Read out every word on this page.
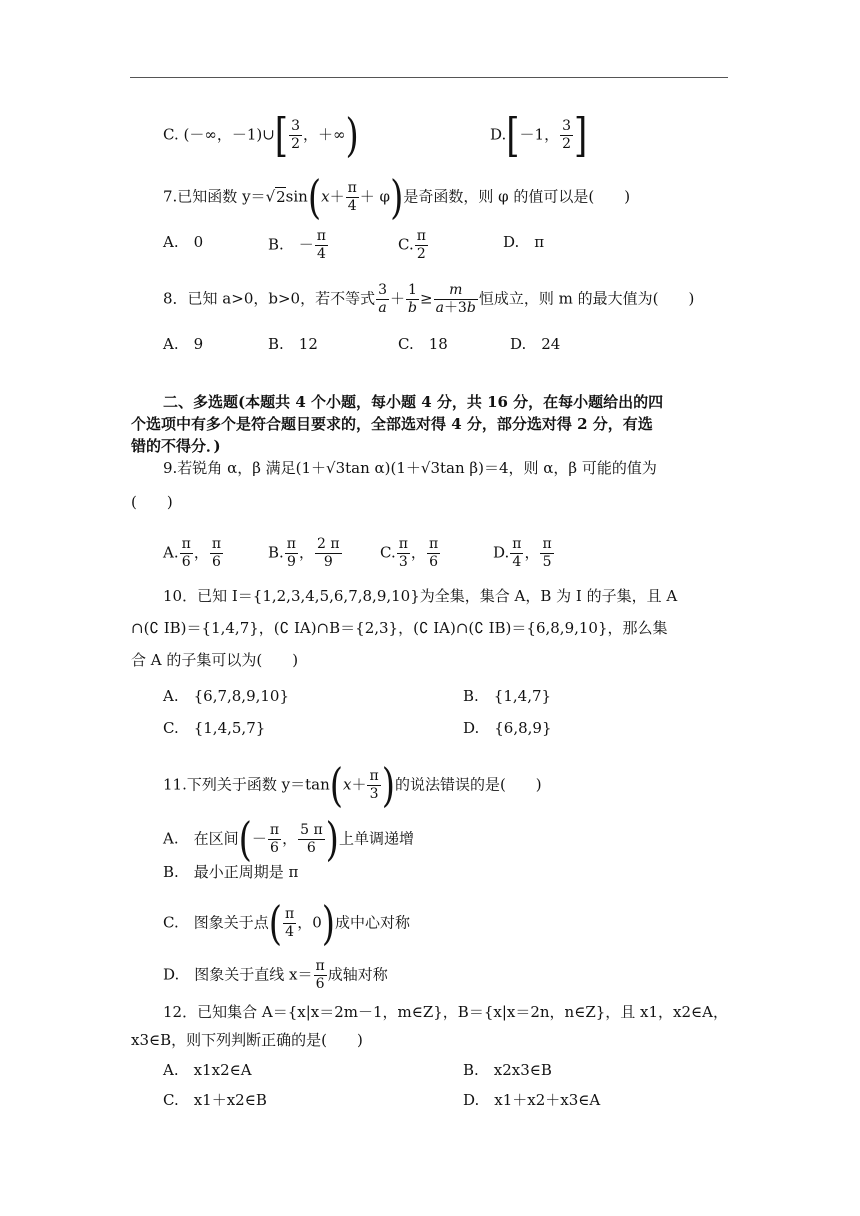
C. (－∞，－1)∪[ $\frac{3}{2}$ ，＋∞)	D.[－1， $\frac{3}{2}$ ]
7.已知函数 $y=√2\sin(x+ \frac{\pi}{4} + \varphi)$是奇函数，则 φ 的值可以是(　　)
A.　0	B.　－ $\frac{\pi}{4}$	C. $\frac{\pi}{2}$	D.　π
8．已知 a>0，b>0，若不等式 $\frac{3}{a} + \frac{1}{b} \ge \frac{m}{a+3b}$ 恒成立，则 m 的最大值为(　　)
A.　9	B.　12	C.　18	D.　24
二、多选题(本题共 4 个小题，每小题 4 分，共 16 分，在每小题给出的四
个选项中有多个是符合题目要求的，全部选对得 4 分，部分选对得 2 分，有选
错的不得分．)
9.若锐角 α，β 满足(1＋√3tan α)(1＋√3tan β)＝4，则 α，β 可能的值为
(　　)
A. $\frac{\pi}{6}$ ， $\frac{\pi}{6}$	B. $\frac{\pi}{9}$ ， $\frac{2 \pi}{9}$	C. $\frac{\pi}{3}$ ， $\frac{\pi}{6}$	D. $\frac{\pi}{4}$ ， $\frac{\pi}{5}$
10．已知 I＝{1,2,3,4,5,6,7,8,9,10}为全集，集合 A，B 为 I 的子集，且 A
∩(∁ IB)＝{1,4,7}，(∁ IA)∩B＝{2,3}，(∁ IA)∩(∁ IB)＝{6,8,9,10}，那么集
合 A 的子集可以为(　　)
A.　{6,7,8,9,10}	B.　{1,4,7}
C.　{1,4,5,7}	D.　{6,8,9}
11.下列关于函数 $y=\tan(x+ \frac{\pi}{3}$ )的说法错误的是(　　)
A.　在区间(－ $\frac{\pi}{6}$ ， $\frac{5 \pi}{6}$ )上单调递增
B.　最小正周期是 π
C.　图象关于点( $\frac{\pi}{4}$ ，0)成中心对称
D.　图象关于直线 $x= \frac{\pi}{6}$ 成轴对称
12．已知集合 A＝{x|x＝2m－1，m∈Z}，B＝{x|x＝2n，n∈Z}，且 x1，x2∈A，
x3∈B，则下列判断正确的是(　　)
A.　x1x2∈A	B.　x2x3∈B
C.　x1＋x2∈B	D.　x1＋x2＋x3∈A
